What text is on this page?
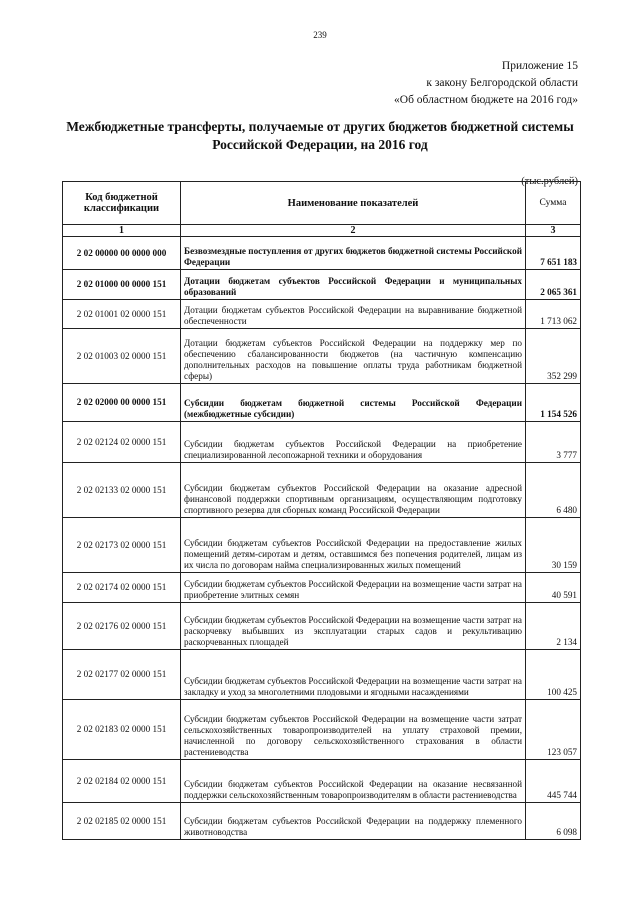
239
Приложение 15
к закону Белгородской области
«Об областном бюджете на 2016 год»
Межбюджетные трансферты, получаемые от других бюджетов бюджетной системы
Российской Федерации, на 2016 год
(тыс.рублей)
Код бюджетной классификации	Наименование показателей	Сумма
1	2	3
2 02 00000 00 0000 000	Безвозмездные поступления от других бюджетов бюджетной системы Российской Федерации	7 651 183
2 02 01000 00 0000 151	Дотации бюджетам субъектов Российской Федерации и муниципальных образований	2 065 361
2 02 01001 02 0000 151	Дотации бюджетам субъектов Российской Федерации на выравнивание бюджетной обеспеченности	1 713 062
2 02 01003 02 0000 151	Дотации бюджетам субъектов Российской Федерации на поддержку мер по обеспечению сбалансированности бюджетов (на частичную компенсацию дополнительных расходов на повышение оплаты труда работникам бюджетной сферы)	352 299
2 02 02000 00 0000 151	Субсидии бюджетам бюджетной системы Российской Федерации (межбюджетные субсидии)	1 154 526
2 02 02124 02 0000 151	Субсидии бюджетам субъектов Российской Федерации на приобретение специализированной лесопожарной техники и оборудования	3 777
2 02 02133 02 0000 151	Субсидии бюджетам субъектов Российской Федерации на оказание адресной финансовой поддержки спортивным организациям, осуществляющим подготовку спортивного резерва для сборных команд Российской Федерации	6 480
2 02 02173 02 0000 151	Субсидии бюджетам субъектов Российской Федерации на предоставление жилых помещений детям-сиротам и детям, оставшимся без попечения родителей, лицам из их числа по договорам найма специализированных жилых помещений	30 159
2 02 02174 02 0000 151	Субсидии бюджетам субъектов Российской Федерации на возмещение части затрат на приобретение элитных семян	40 591
2 02 02176 02 0000 151	Субсидии бюджетам субъектов Российской Федерации на возмещение части затрат на раскорчевку выбывших из эксплуатации старых садов и рекультивацию раскорчеванных площадей	2 134
2 02 02177 02 0000 151	Субсидии бюджетам субъектов Российской Федерации на возмещение части затрат на закладку и уход за многолетними плодовыми и ягодными насаждениями	100 425
2 02 02183 02 0000 151	Субсидии бюджетам субъектов Российской Федерации на возмещение части затрат сельскохозяйственных товаропроизводителей на уплату страховой премии, начисленной по договору сельскохозяйственного страхования в области растениеводства	123 057
2 02 02184 02 0000 151	Субсидии бюджетам субъектов Российской Федерации на оказание несвязанной поддержки сельскохозяйственным товаропроизводителям в области растениеводства	445 744
2 02 02185 02 0000 151	Субсидии бюджетам субъектов Российской Федерации на поддержку племенного животноводства	6 098
